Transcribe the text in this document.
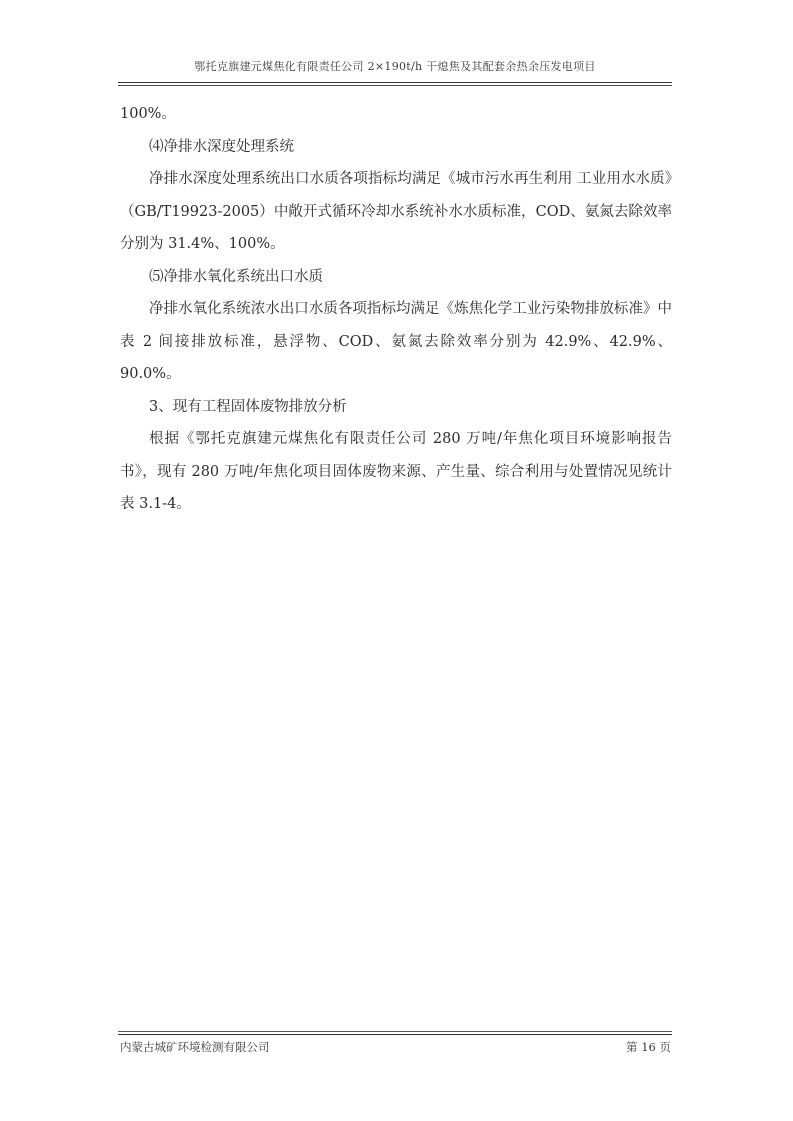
鄂托克旗建元煤焦化有限责任公司 2×190t/h 干熄焦及其配套余热余压发电项目

100%。

⑷净排水深度处理系统

净排水深度处理系统出口水质各项指标均满足《城市污水再生利用 工业用水水质》（GB/T19923-2005）中敞开式循环冷却水系统补水水质标准，COD、氨氮去除效率分别为 31.4%、100%。

⑸净排水氧化系统出口水质

净排水氧化系统浓水出口水质各项指标均满足《炼焦化学工业污染物排放标准》中表 2 间接排放标准，悬浮物、COD、氨氮去除效率分别为 42.9%、42.9%、90.0%。

3、现有工程固体废物排放分析

根据《鄂托克旗建元煤焦化有限责任公司 280 万吨/年焦化项目环境影响报告书》，现有 280 万吨/年焦化项目固体废物来源、产生量、综合利用与处置情况见统计表 3.1-4。

内蒙古城矿环境检测有限公司	第 16 页
